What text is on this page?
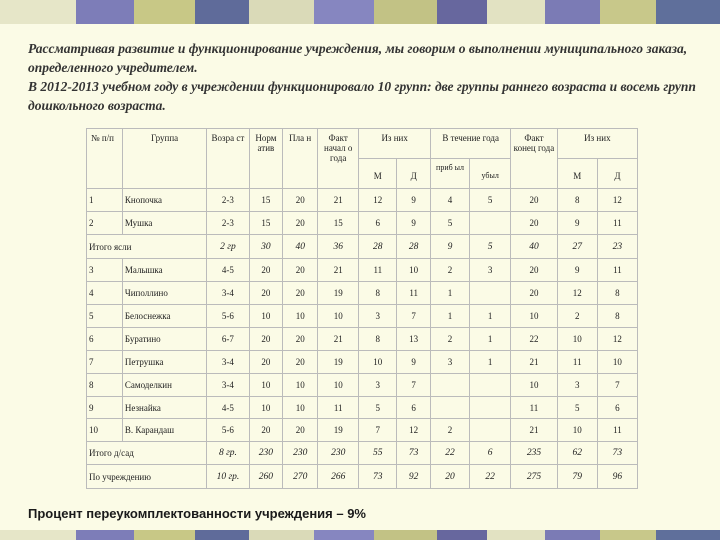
Рассматривая развитие и функционирование учреждения, мы говорим о выполнении муниципального заказа, определенного учредителем.

В 2012-2013 учебном году в учреждении функционировало 10 групп: две группы раннего возраста и восемь групп дошкольного возраста.

№ п/п	Группа	Возра ст	Норм атив	Пла н	Факт начал о года	Из них		В течение года		Факт конец года	Из них	
						М	Д	приб ыл	убыл		М	Д
1	Кнопочка	2-3	15	20	21	12	9	4	5	20	8	12
2	Мушка	2-3	15	20	15	6	9	5		20	9	11
Итого ясли		2 гр	30	40	36	28	28	9	5	40	27	23
3	Малышка	4-5	20	20	21	11	10	2	3	20	9	11
4	Чиполлино	3-4	20	20	19	8	11	1		20	12	8
5	Белоснежка	5-6	10	10	10	3	7	1	1	10	2	8
6	Буратино	6-7	20	20	21	8	13	2	1	22	10	12
7	Петрушка	3-4	20	20	19	10	9	3	1	21	11	10
8	Самоделкин	3-4	10	10	10	3	7			10	3	7
9	Незнайка	4-5	10	10	11	5	6			11	5	6
10	В. Карандаш	5-6	20	20	19	7	12	2		21	10	11
Итого д/сад		8 гр.	230	230	230	55	73	22	6	235	62	73
По учреждению		10 гр.	260	270	266	73	92	20	22	275	79	96
Процент переукомплектованности учреждения – 9%
